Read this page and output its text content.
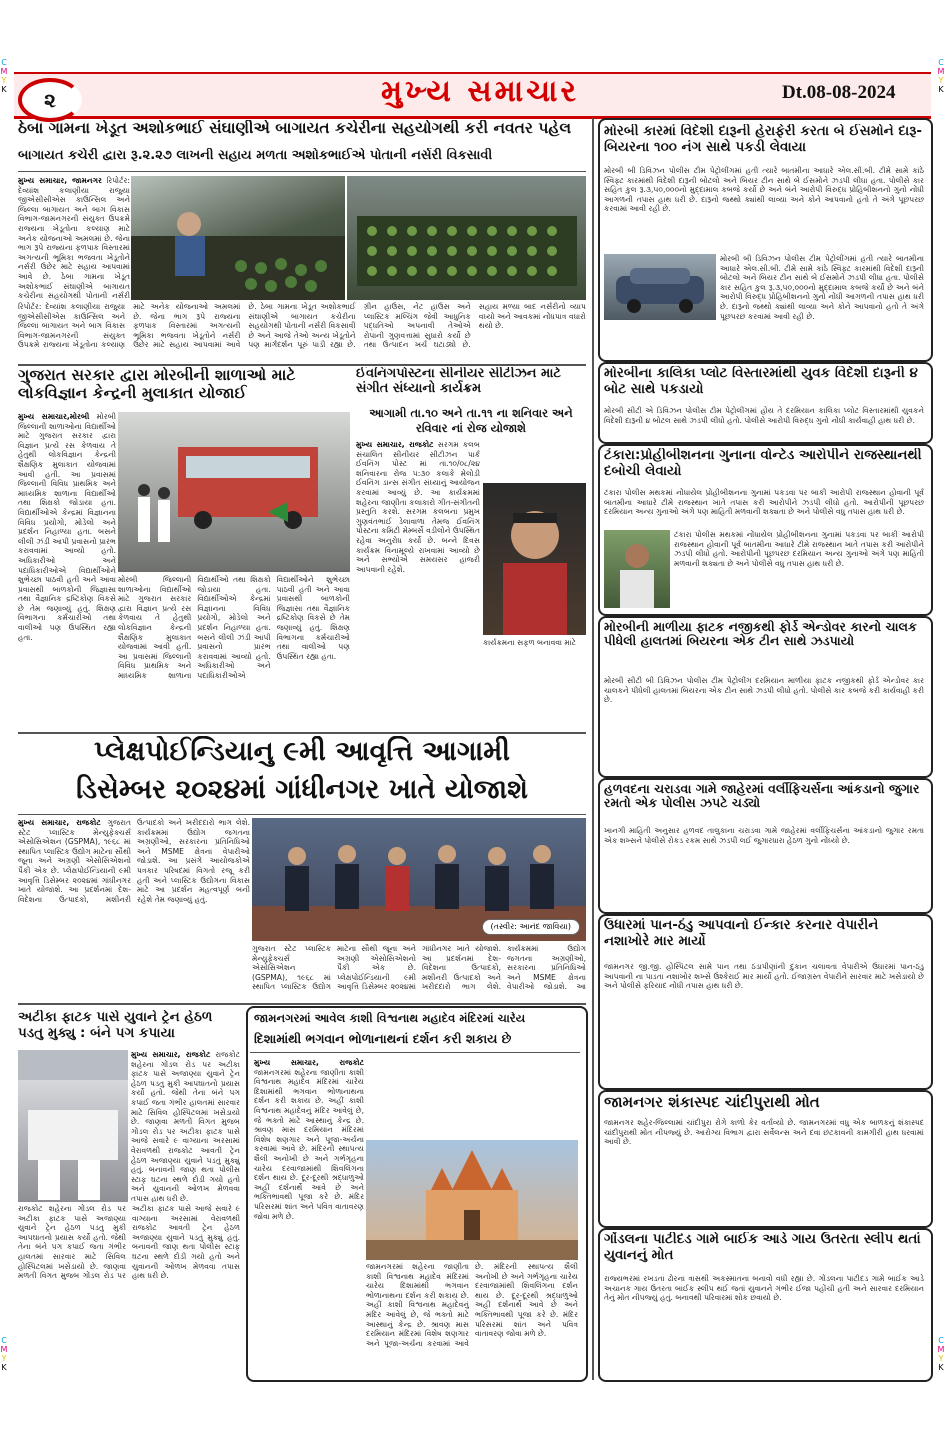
C
M
Y
K
C
M
Y
K
૨	મુખ્ય સમાચાર	Dt.08-08-2024
ઠેબા ગામના ખેડૂત અશોકભાઈ સંઘાણીએ બાગાયત કચેરીના સહયોગથી કરી નવતર પહેલ
બાગાયત કચેરી દ્વારા રૂ.૨.૨૭ લાખની સહાય મળતા અશોકભાઈએ પોતાની નર્સરી વિકસાવી
મુખ્ય સમાચાર, જામનગર રિપોર્ટર: દેવ્યાંશ કલાણીયા રાજુયા જીએસીસીએસ કાઉન્સિલ અને જિલ્લા બાગાયત અને બાગ વિકાસ વિભાગ-જામનગરની સંયુક્ત ઉપક્રમે રાજ્યના ખેડૂતોના કલ્યાણ માટે અનેક યોજનાઓ અમલમાં છે. જેના ભાગ રૂપે રાજ્યના ફળપાક વિસ્તારમાં અગત્યની ભૂમિકા ભજવતા ખેડૂતોને નર્સરી ઉછેર માટે સહાય આપવામાં આવે છે. ઠેબા ગામના ખેડૂત અશોકભાઈ સંઘાણીએ બાગાયત કચેરીના સહયોગથી પોતાની નર્સરી
રિપોર્ટર: દેવ્યાંશ કલાણીયા રાજુયા જીએસીસીએસ કાઉન્સિલ અને જિલ્લા બાગાયત અને બાગ વિકાસ વિભાગ-જામનગરની સંયુક્ત ઉપક્રમે રાજ્યના ખેડૂતોના કલ્યાણ માટે અનેક યોજનાઓ અમલમાં છે. જેના ભાગ રૂપે રાજ્યના ફળપાક વિસ્તારમાં અગત્યની ભૂમિકા ભજવતા ખેડૂતોને નર્સરી ઉછેર માટે સહાય આપવામાં આવે છે. ઠેબા ગામના ખેડૂત અશોકભાઈ સંઘાણીએ બાગાયત કચેરીના સહયોગથી પોતાની નર્સરી વિકસાવી છે અને આજે તેઓ અન્ય ખેડૂતોને પણ માર્ગદર્શન પૂરું પાડી રહ્યા છે. ગ્રીન હાઉસ, નેટ હાઉસ અને પ્લાસ્ટિક મલ્ચિંગ જેવી આધુનિક પદ્ધતિઓ અપનાવી તેઓએ રોપાની ગુણવત્તામાં સુધારો કર્યો છે તથા ઉત્પાદન ખર્ચ ઘટાડ્યો છે. સહાય મળ્યા બાદ નર્સરીનો વ્યાપ વધ્યો અને આવકમાં નોંધપાત્ર વધારો થયો છે.
ગુજરાત સરકાર દ્વારા મોરબીની શાળાઓ માટે લોકવિજ્ઞાન કેન્દ્રની મુલાકાત યોજાઈ
મુખ્ય સમાચાર,મોરબી મોરબી જિલ્લાની શાળાઓના વિદ્યાર્થીઓ માટે ગુજરાત સરકાર દ્વારા વિજ્ઞાન પ્રત્યે રસ કેળવાય તે હેતુથી લોકવિજ્ઞાન કેન્દ્રની શૈક્ષણિક મુલાકાત યોજવામાં આવી હતી. આ પ્રવાસમાં જિલ્લાની વિવિધ પ્રાથમિક અને માધ્યમિક શાળાના વિદ્યાર્થીઓ તથા શિક્ષકો જોડાયા હતા. વિદ્યાર્થીઓએ કેન્દ્રમાં વિજ્ઞાનના વિવિધ પ્રયોગો, મોડેલો અને પ્રદર્શન નિહાળ્યા હતા. બસને લીલી ઝંડી આપી પ્રવાસનો પ્રારંભ કરાવવામાં આવ્યો હતો. અધિકારીઓ અને પદાધિકારીઓએ વિદ્યાર્થીઓને શુભેચ્છા પાઠવી હતી અને આવા પ્રવાસથી બાળકોની જિજ્ઞાસા તથા વૈજ્ઞાનિક દ્રષ્ટિકોણ વિકસે છે તેમ જણાવ્યું હતું. શિક્ષણ વિભાગના કર્મચારીઓ તથા વાલીઓ પણ ઉપસ્થિત રહ્યા હતા.
મોરબી જિલ્લાની શાળાઓના વિદ્યાર્થીઓ માટે ગુજરાત સરકાર દ્વારા વિજ્ઞાન પ્રત્યે રસ કેળવાય તે હેતુથી લોકવિજ્ઞાન કેન્દ્રની શૈક્ષણિક મુલાકાત યોજવામાં આવી હતી. આ પ્રવાસમાં જિલ્લાની વિવિધ પ્રાથમિક અને માધ્યમિક શાળાના વિદ્યાર્થીઓ તથા શિક્ષકો જોડાયા હતા. વિદ્યાર્થીઓએ કેન્દ્રમાં વિજ્ઞાનના વિવિધ પ્રયોગો, મોડેલો અને પ્રદર્શન નિહાળ્યા હતા. બસને લીલી ઝંડી આપી પ્રવાસનો પ્રારંભ કરાવવામાં આવ્યો હતો. અધિકારીઓ અને પદાધિકારીઓએ વિદ્યાર્થીઓને શુભેચ્છા પાઠવી હતી અને આવા પ્રવાસથી બાળકોની જિજ્ઞાસા તથા વૈજ્ઞાનિક દ્રષ્ટિકોણ વિકસે છે તેમ જણાવ્યું હતું. શિક્ષણ વિભાગના કર્મચારીઓ તથા વાલીઓ પણ ઉપસ્થિત રહ્યા હતા.
ઈવનિંગપોસ્ટના સીનીયર સીટીઝન માટે સંગીત સંધ્યાનો કાર્યક્રમ
આગામી તા.૧૦ અને તા.૧૧ ના શનિવાર અને રવિવાર નાં રોજ યોજાશે
મુખ્ય સમાચાર, રાજકોટ સરગમ કલબ સંચાલિત સીનીયર સીટીઝન પાર્ક ઈવનિંગ પોસ્ટ માં તા.૧૦/૦૮/૨૪ શનિવારના રોજ ૫:૩૦ કલાકે મેલોડી ઈવનિંગ ડાન્સ સંગીત સંધ્યાનું આયોજન કરવામાં આવ્યું છે. આ કાર્યક્રમમાં શહેરના જાણીતા કલાકારો ગીત-સંગીતની પ્રસ્તુતિ કરશે. સરગમ કલબના પ્રમુખ ગુણવંતભાઈ ડેલાવાળા તેમજ ઈવનિંગ પોસ્ટના કમિટી મેમ્બર્સે વડીલોને ઉપસ્થિત રહેવા અનુરોધ કર્યો છે. બન્ને દિવસ કાર્યક્રમ વિનામૂલ્યે રાખવામાં આવ્યો છે અને સભ્યોએ સમયસર હાજરી આપવાની રહેશે.
કાર્યક્રમના સફળ બનાવવા માટે
પ્લેક્ષપોઈન્ડિયાનુ ૯મી આવૃત્તિ આગામી
ડિસેમ્બર ૨૦૨૪માં ગાંધીનગર ખાતે યોજાશે
મુખ્ય સમાચાર, રાજકોટ ગુજરાત સ્ટેટ પ્લાસ્ટિક મેન્યુફેક્ચર્સ એસોસિએશન (GSPMA), ૧૯૬૮ માં સ્થાપિત પ્લાસ્ટિક ઉદ્યોગ માટેના સૌથી જૂના અને અગ્રણી એસોસિએશનો પૈકી એક છે. પ્લેક્ષપોઈન્ડિયાની ૯મી આવૃત્તિ ડિસેમ્બર ૨૦૨૪માં ગાંધીનગર ખાતે યોજાશે. આ પ્રદર્શનમાં દેશ-વિદેશના ઉત્પાદકો, મશીનરી ઉત્પાદકો અને ખરીદદારો ભાગ લેશે. કાર્યક્રમમાં ઉદ્યોગ જગતના અગ્રણીઓ, સરકારના પ્રતિનિધિઓ અને MSME ક્ષેત્રના વેપારીઓ જોડાશે. આ પ્રસંગે આયોજકોએ પત્રકાર પરિષદમાં વિગતો રજૂ કરી હતી અને પ્લાસ્ટિક ઉદ્યોગના વિકાસ માટે આ પ્રદર્શન મહત્વપૂર્ણ બની રહેશે તેમ જણાવ્યું હતું.
(તસ્વીર: આનંદ જાવિયા)
ગુજરાત સ્ટેટ પ્લાસ્ટિક મેન્યુફેક્ચર્સ એસોસિએશન (GSPMA), ૧૯૬૮ માં સ્થાપિત પ્લાસ્ટિક ઉદ્યોગ માટેના સૌથી જૂના અને અગ્રણી એસોસિએશનો પૈકી એક છે. પ્લેક્ષપોઈન્ડિયાની ૯મી આવૃત્તિ ડિસેમ્બર ૨૦૨૪માં ગાંધીનગર ખાતે યોજાશે. આ પ્રદર્શનમાં દેશ-વિદેશના ઉત્પાદકો, મશીનરી ઉત્પાદકો અને ખરીદદારો ભાગ લેશે. કાર્યક્રમમાં ઉદ્યોગ જગતના અગ્રણીઓ, સરકારના પ્રતિનિધિઓ અને MSME ક્ષેત્રના વેપારીઓ જોડાશે. આ
અટીકા ફાટક પાસે યુવાને ટ્રેન હેઠળ પડતુ મુક્યુ : બંને પગ કપાયા
મુખ્ય સમાચાર, રાજકોટ રાજકોટ શહેરના ગોંડલ રોડ પર અટીકા ફાટક પાસે અજાણ્યા યુવાને ટ્રેન હેઠળ પડતુ મુકી આપઘાતનો પ્રયાસ કર્યો હતો. જેથી તેના બંને પગ કપાઈ જતા ગંભીર હાલતમાં સારવાર માટે સિવિલ હોસ્પિટલમાં ખસેડાયો છે. જાણવા મળતી વિગત મુજબ ગોંડલ રોડ પર અટીકા ફાટક પાસે આજે સવારે ૯ વાગ્યાના અરસામાં વેરાવળથી રાજકોટ આવતી ટ્રેન હેઠળ અજાણ્યા યુવાને પડતું મુક્યું હતું. બનાવની જાણ થતા પોલીસ સ્ટાફ ઘટના સ્થળે દોડી ગયો હતો અને યુવાનની ઓળખ મેળવવા તપાસ હાથ ધરી છે.
રાજકોટ શહેરના ગોંડલ રોડ પર અટીકા ફાટક પાસે અજાણ્યા યુવાને ટ્રેન હેઠળ પડતુ મુકી આપઘાતનો પ્રયાસ કર્યો હતો. જેથી તેના બંને પગ કપાઈ જતા ગંભીર હાલતમાં સારવાર માટે સિવિલ હોસ્પિટલમાં ખસેડાયો છે. જાણવા મળતી વિગત મુજબ ગોંડલ રોડ પર અટીકા ફાટક પાસે આજે સવારે ૯ વાગ્યાના અરસામાં વેરાવળથી રાજકોટ આવતી ટ્રેન હેઠળ અજાણ્યા યુવાને પડતું મુક્યું હતું. બનાવની જાણ થતા પોલીસ સ્ટાફ ઘટના સ્થળે દોડી ગયો હતો અને યુવાનની ઓળખ મેળવવા તપાસ હાથ ધરી છે.
જામનગરમાં આવેલ કાશી વિશ્વનાથ મહાદેવ મંદિરમાં ચારેય
દિશામાંથી ભગવાન ભોળાનાથનાં દર્શન કરી શકાય છે
મુખ્ય સમાચાર, રાજકોટ જામનગરમાં શહેરના જાણીતા કાશી વિશ્વનાથ મહાદેવ મંદિરમાં ચારેય દિશામાંથી ભગવાન ભોળાનાથના દર્શન કરી શકાય છે. અહીં કાશી વિશ્વનાથ મહાદેવનું મંદિર આવેલું છે, જે ભક્તો માટે આસ્થાનું કેન્દ્ર છે. શ્રાવણ માસ દરમિયાન મંદિરમાં વિશેષ શણગાર અને પૂજા-અર્ચના કરવામાં આવે છે. મંદિરની સ્થાપત્ય શૈલી અનોખી છે અને ગર્ભગૃહના ચારેય દરવાજામાંથી શિવલિંગના દર્શન થાય છે. દૂર-દૂરથી શ્રદ્ધાળુઓ અહીં દર્શનાર્થે આવે છે અને ભક્તિભાવથી પૂજા કરે છે. મંદિર પરિસરમાં શાંત અને પવિત્ર વાતાવરણ જોવા મળે છે.
જામનગરમાં શહેરના જાણીતા કાશી વિશ્વનાથ મહાદેવ મંદિરમાં ચારેય દિશામાંથી ભગવાન ભોળાનાથના દર્શન કરી શકાય છે. અહીં કાશી વિશ્વનાથ મહાદેવનું મંદિર આવેલું છે, જે ભક્તો માટે આસ્થાનું કેન્દ્ર છે. શ્રાવણ માસ દરમિયાન મંદિરમાં વિશેષ શણગાર અને પૂજા-અર્ચના કરવામાં આવે છે. મંદિરની સ્થાપત્ય શૈલી અનોખી છે અને ગર્ભગૃહના ચારેય દરવાજામાંથી શિવલિંગના દર્શન થાય છે. દૂર-દૂરથી શ્રદ્ધાળુઓ અહીં દર્શનાર્થે આવે છે અને ભક્તિભાવથી પૂજા કરે છે. મંદિર પરિસરમાં શાંત અને પવિત્ર વાતાવરણ જોવા મળે છે.
મોરબી કારમાં વિદેશી દારૂની હેરાફેરી કરતા બે ઈસમોને દારૂ-બિયરના ૧૦૦ નંગ સાથે પકડી લેવાયા
મોરબી બી ડિવિઝન પોલીસ ટીમ પેટ્રોલીંગમાં હતી ત્યારે બાતમીના આધારે એલ.સી.બી. ટીમે સામે કાંઠે સ્વિફ્ટ કારમાંથી વિદેશી દારૂની બોટલો અને બિયર ટીન સાથે બે ઈસમોને ઝડપી લીધા હતા. પોલીસે કાર સહિત કુલ રૂ.૩,૫૦,૦૦૦નો મુદ્દામાલ કબજે કર્યો છે અને બંને આરોપી વિરુદ્ધ પ્રોહિબીશનનો ગુનો નોંધી આગળની તપાસ હાથ ધરી છે. દારૂનો જથ્થો ક્યાંથી લાવ્યા અને કોને આપવાનો હતો તે અંગે પૂછપરછ કરવામાં આવી રહી છે.
મોરબી બી ડિવિઝન પોલીસ ટીમ પેટ્રોલીંગમાં હતી ત્યારે બાતમીના આધારે એલ.સી.બી. ટીમે સામે કાંઠે સ્વિફ્ટ કારમાંથી વિદેશી દારૂની બોટલો અને બિયર ટીન સાથે બે ઈસમોને ઝડપી લીધા હતા. પોલીસે કાર સહિત કુલ રૂ.૩,૫૦,૦૦૦નો મુદ્દામાલ કબજે કર્યો છે અને બંને આરોપી વિરુદ્ધ પ્રોહિબીશનનો ગુનો નોંધી આગળની તપાસ હાથ ધરી છે. દારૂનો જથ્થો ક્યાંથી લાવ્યા અને કોને આપવાનો હતો તે અંગે પૂછપરછ કરવામાં આવી રહી છે.
મોરબીના કાલિકા પ્લોટ વિસ્તારમાંથી યુવક વિદેશી દારૂની ૪ બોટ સાથે પકડાયો
મોરબી સીટી એ ડિવિઝન પોલીસ ટીમ પેટ્રોલીંગમાં હોય તે દરમિયાન કાલિકા પ્લોટ વિસ્તારમાંથી યુવકને વિદેશી દારૂની ૪ બોટલ સાથે ઝડપી લીધો હતો. પોલીસે આરોપી વિરુદ્ધ ગુનો નોંધી કાર્યવાહી હાથ ધરી છે.
ટંકારા:પ્રોહીબીશનના ગુનાના વોન્ટેડ આરોપીને રાજસ્થાનથી દબોચી લેવાયો
ટંકારા પોલીસ મથકમાં નોંધાયેલ પ્રોહીબીશનના ગુનામાં પકડવા પર બાકી આરોપી રાજસ્થાન હોવાની પૂર્વ બાતમીના આધારે ટીમે રાજસ્થાન ખાતે તપાસ કરી આરોપીને ઝડપી લીધો હતો. આરોપીની પૂછપરછ દરમિયાન અન્ય ગુનાઓ અંગે પણ માહિતી મળવાની શક્યતા છે અને પોલીસે વધુ તપાસ હાથ ધરી છે.
ટંકારા પોલીસ મથકમાં નોંધાયેલ પ્રોહીબીશનના ગુનામાં પકડવા પર બાકી આરોપી રાજસ્થાન હોવાની પૂર્વ બાતમીના આધારે ટીમે રાજસ્થાન ખાતે તપાસ કરી આરોપીને ઝડપી લીધો હતો. આરોપીની પૂછપરછ દરમિયાન અન્ય ગુનાઓ અંગે પણ માહિતી મળવાની શક્યતા છે અને પોલીસે વધુ તપાસ હાથ ધરી છે.
મોરબીની માળીયા ફાટક નજીકથી ફોર્ડ એન્ડોવર કારનો ચાલક પીધેલી હાલતમાં બિયરના એક ટીન સાથે ઝડપાયો
મોરબી સીટી બી ડિવિઝન પોલીસ ટીમ પેટ્રોલીંગ દરમિયાન માળીયા ફાટક નજીકથી ફોર્ડ એન્ડોવર કાર ચાલકને પીધેલી હાલતમાં બિયરના એક ટીન સાથે ઝડપી લીધો હતો. પોલીસે કાર કબજે કરી કાર્યવાહી કરી છે.
હળવદના ચરાડવા ગામે જાહેરમાં વર્લીફિચર્સના આંકડાનો જુગાર રમતો એક પોલીસ ઝપટે ચડ્યો
ખાનગી માહિતી અનુસાર હળવદ તાલુકાના ચરાડવા ગામે જાહેરમાં વર્લીફિચર્સના આંકડાનો જુગાર રમતા એક શખ્સને પોલીસે રોકડ રકમ સાથે ઝડપી લઈ જુગારધારા હેઠળ ગુનો નોંધ્યો છે.
ઉધારમાં પાન-ઠંડુ આપવાનો ઈન્કાર કરનાર વેપારીને નશાખોરે માર માર્યો
જામનગર જી.જી. હોસ્પિટલ સામે પાન તથા ઠંડાપીણાંની દુકાન ચલાવતા વેપારીએ ઉધારમાં પાન-ઠંડુ આપવાની ના પાડતા નશાખોર શખ્સે ઉશ્કેરાઈ માર માર્યો હતો. ઈજાગ્રસ્ત વેપારીને સારવાર માટે ખસેડાયો છે અને પોલીસે ફરિયાદ નોંધી તપાસ હાથ ધરી છે.
જામનગર શંકાસ્પદ ચાંદીપુરાથી મોત
જામનગર શહેર-જિલ્લામાં ચાંદીપુરા રોગે કાળો કેર વર્તાવ્યો છે. જામનગરમાં વધુ એક બાળકનું શંકાસ્પદ ચાંદીપુરાથી મોત નીપજ્યું છે. આરોગ્ય વિભાગ દ્વારા સર્વેલન્સ અને દવા છંટકાવની કામગીરી હાથ ધરવામાં આવી છે.
ગોંડલના પાટીદડ ગામે બાઈક આડે ગાય ઉતરતા સ્લીપ થતાં યુવાનનું મોત
રાજ્યભરમાં રખડતા ઢોરના ત્રાસથી અકસ્માતના બનાવો વધી રહ્યા છે. ગોંડલના પાટીદડ ગામે બાઈક આડે અચાનક ગાય ઉતરતા બાઈક સ્લીપ થઈ જતાં યુવાનને ગંભીર ઈજા પહોંચી હતી અને સારવાર દરમિયાન તેનું મોત નીપજ્યું હતું. બનાવથી પરિવારમાં શોક છવાયો છે.
C
M
Y
K
C
M
Y
K
